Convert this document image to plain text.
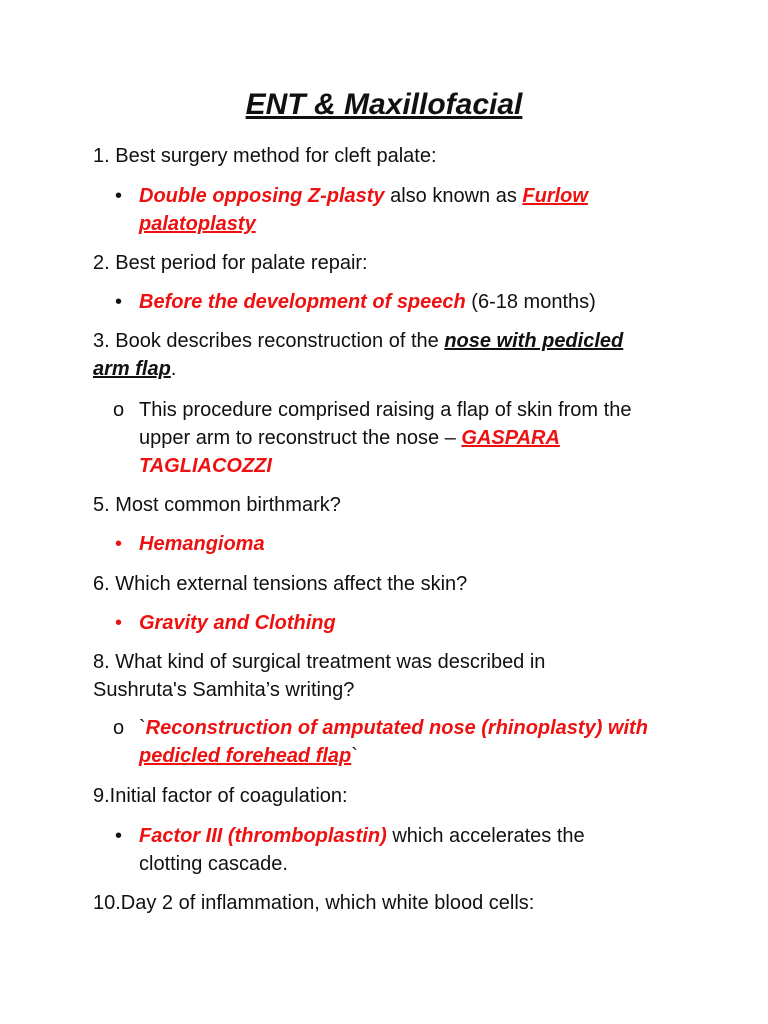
ENT & Maxillofacial
1. Best surgery method for cleft palate:
• Double opposing Z-plasty also known as Furlow
palatoplasty
2. Best period for palate repair:
• Before the development of speech (6-18 months)
3. Book describes reconstruction of the nose with pedicled
arm flap.
o This procedure comprised raising a flap of skin from the
upper arm to reconstruct the nose – GASPARA
TAGLIACOZZI
5. Most common birthmark?
• Hemangioma
6. Which external tensions affect the skin?
• Gravity and Clothing
8. What kind of surgical treatment was described in
Sushruta's Samhita’s writing?
o `Reconstruction of amputated nose (rhinoplasty) with
pedicled forehead flap`
9.Initial factor of coagulation:
• Factor III (thromboplastin) which accelerates the
clotting cascade.
10.Day 2 of inflammation, which white blood cells:
